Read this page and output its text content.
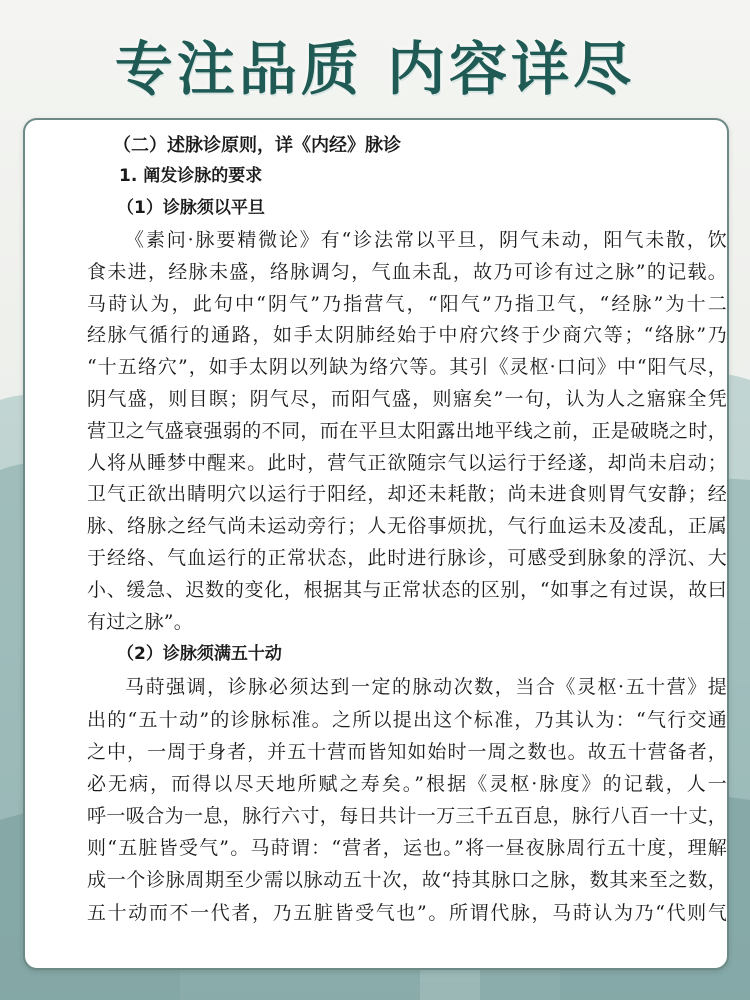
专注品质 内容详尽
（二）述脉诊原则，详《内经》脉诊
1. 阐发诊脉的要求
（1）诊脉须以平旦
《素问·脉要精微论》有“诊法常以平旦，阴气未动，阳气未散，饮
食未进，经脉未盛，络脉调匀，气血未乱，故乃可诊有过之脉”的记载。
马莳认为，此句中“阴气”乃指营气，“阳气”乃指卫气，“经脉”为十二
经脉气循行的通路，如手太阴肺经始于中府穴终于少商穴等；“络脉”乃
“十五络穴”，如手太阴以列缺为络穴等。其引《灵枢·口问》中“阳气尽，
阴气盛，则目瞑；阴气尽，而阳气盛，则寤矣”一句，认为人之寤寐全凭
营卫之气盛衰强弱的不同，而在平旦太阳露出地平线之前，正是破晓之时，
人将从睡梦中醒来。此时，营气正欲随宗气以运行于经遂，却尚未启动；
卫气正欲出睛明穴以运行于阳经，却还未耗散；尚未进食则胃气安静；经
脉、络脉之经气尚未运动旁行；人无俗事烦扰，气行血运未及凌乱，正属
于经络、气血运行的正常状态，此时进行脉诊，可感受到脉象的浮沉、大
小、缓急、迟数的变化，根据其与正常状态的区别，“如事之有过误，故曰
有过之脉”。
（2）诊脉须满五十动
马莳强调，诊脉必须达到一定的脉动次数，当合《灵枢·五十营》提
出的“五十动”的诊脉标准。之所以提出这个标准，乃其认为：“气行交通
之中，一周于身者，并五十营而皆知如始时一周之数也。故五十营备者，
必无病，而得以尽天地所赋之寿矣。”根据《灵枢·脉度》的记载，人一
呼一吸合为一息，脉行六寸，每日共计一万三千五百息，脉行八百一十丈，
则“五脏皆受气”。马莳谓：“营者，运也。”将一昼夜脉周行五十度，理解
成一个诊脉周期至少需以脉动五十次，故“持其脉口之脉，数其来至之数，
五十动而不一代者，乃五脏皆受气也”。所谓代脉，马莳认为乃“代则气
